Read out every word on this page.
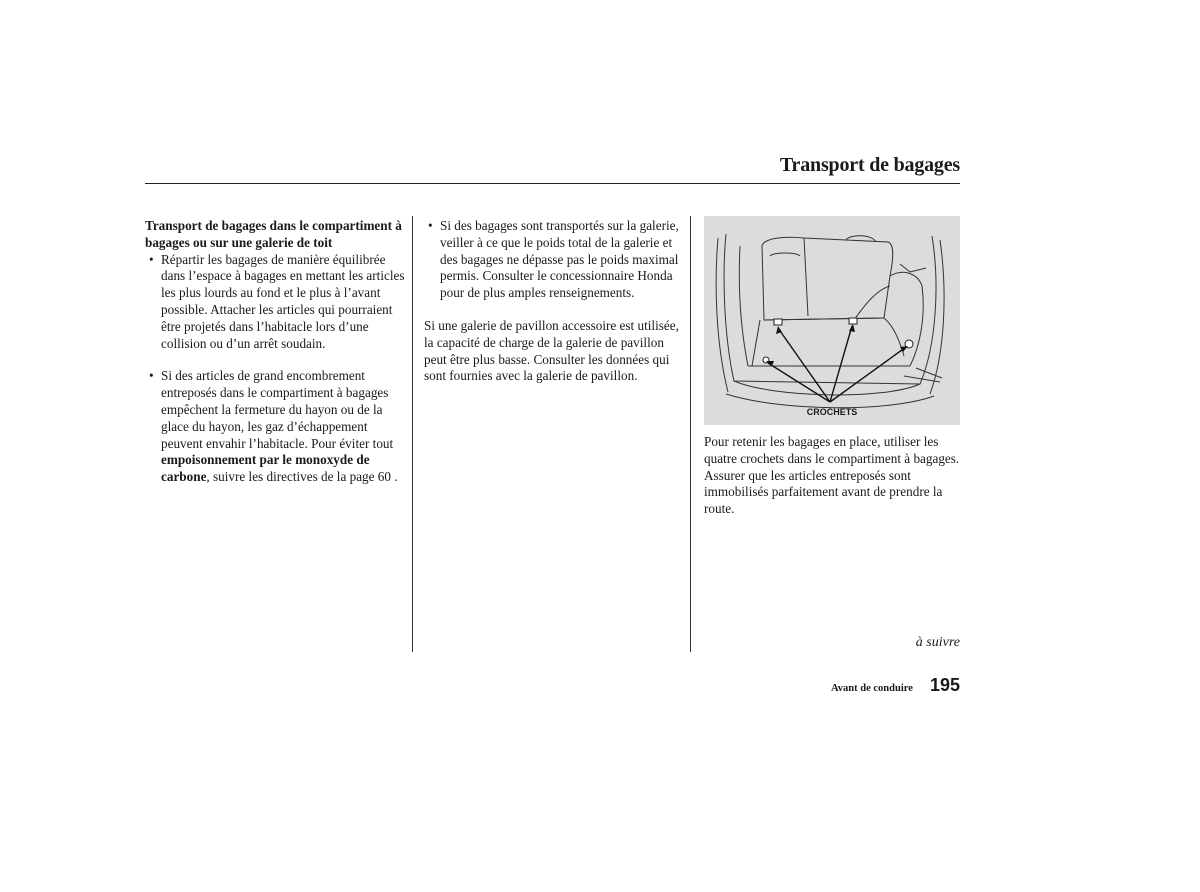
Transport de bagages

Transport de bagages dans le compartiment à bagages ou sur une galerie de toit

• Répartir les bagages de manière équilibrée dans l’espace à bagages en mettant les articles les plus lourds au fond et le plus à l’avant possible. Attacher les articles qui pourraient être projetés dans l’habitacle lors d’une collision ou d’un arrêt soudain.
• Si des articles de grand encombrement entreposés dans le compartiment à bagages empêchent la fermeture du hayon ou de la glace du hayon, les gaz d’échappement peuvent envahir l’habitacle. Pour éviter tout empoisonnement par le monoxyde de carbone, suivre les directives de la page 60 .
• Si des bagages sont transportés sur la galerie, veiller à ce que le poids total de la galerie et des bagages ne dépasse pas le poids maximal permis. Consulter le concessionnaire Honda pour de plus amples renseignements.

Si une galerie de pavillon accessoire est utilisée, la capacité de charge de la galerie de pavillon peut être plus basse. Consulter les données qui sont fournies avec la galerie de pavillon.

CROCHETS

Pour retenir les bagages en place, utiliser les quatre crochets dans le compartiment à bagages. Assurer que les articles entreposés sont immobilisés parfaitement avant de prendre la route.

à suivre
Avant de conduire 195
